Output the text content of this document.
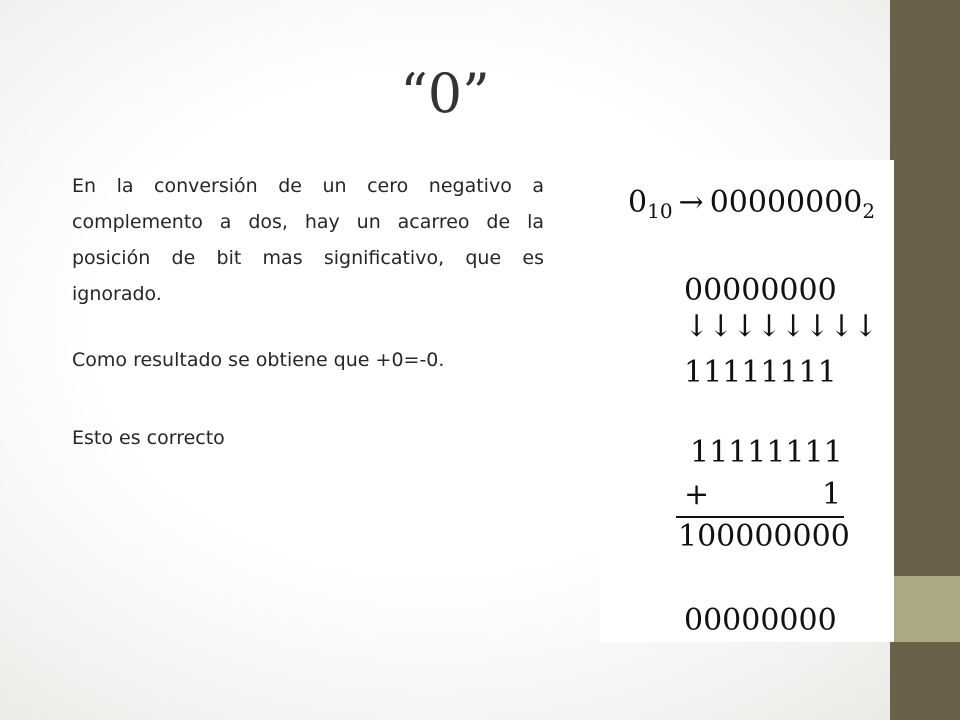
“0”

En la conversión de un cero negativo a complemento a dos, hay un acarreo de la posición de bit mas significativo, que es ignorado.

Como resultado se obtiene que +0=-0.

Esto es correcto

$0_{10} \to 00000000_2$
00000000
↓↓↓↓↓↓↓↓
11111111
11111111
+	1
100000000
00000000
